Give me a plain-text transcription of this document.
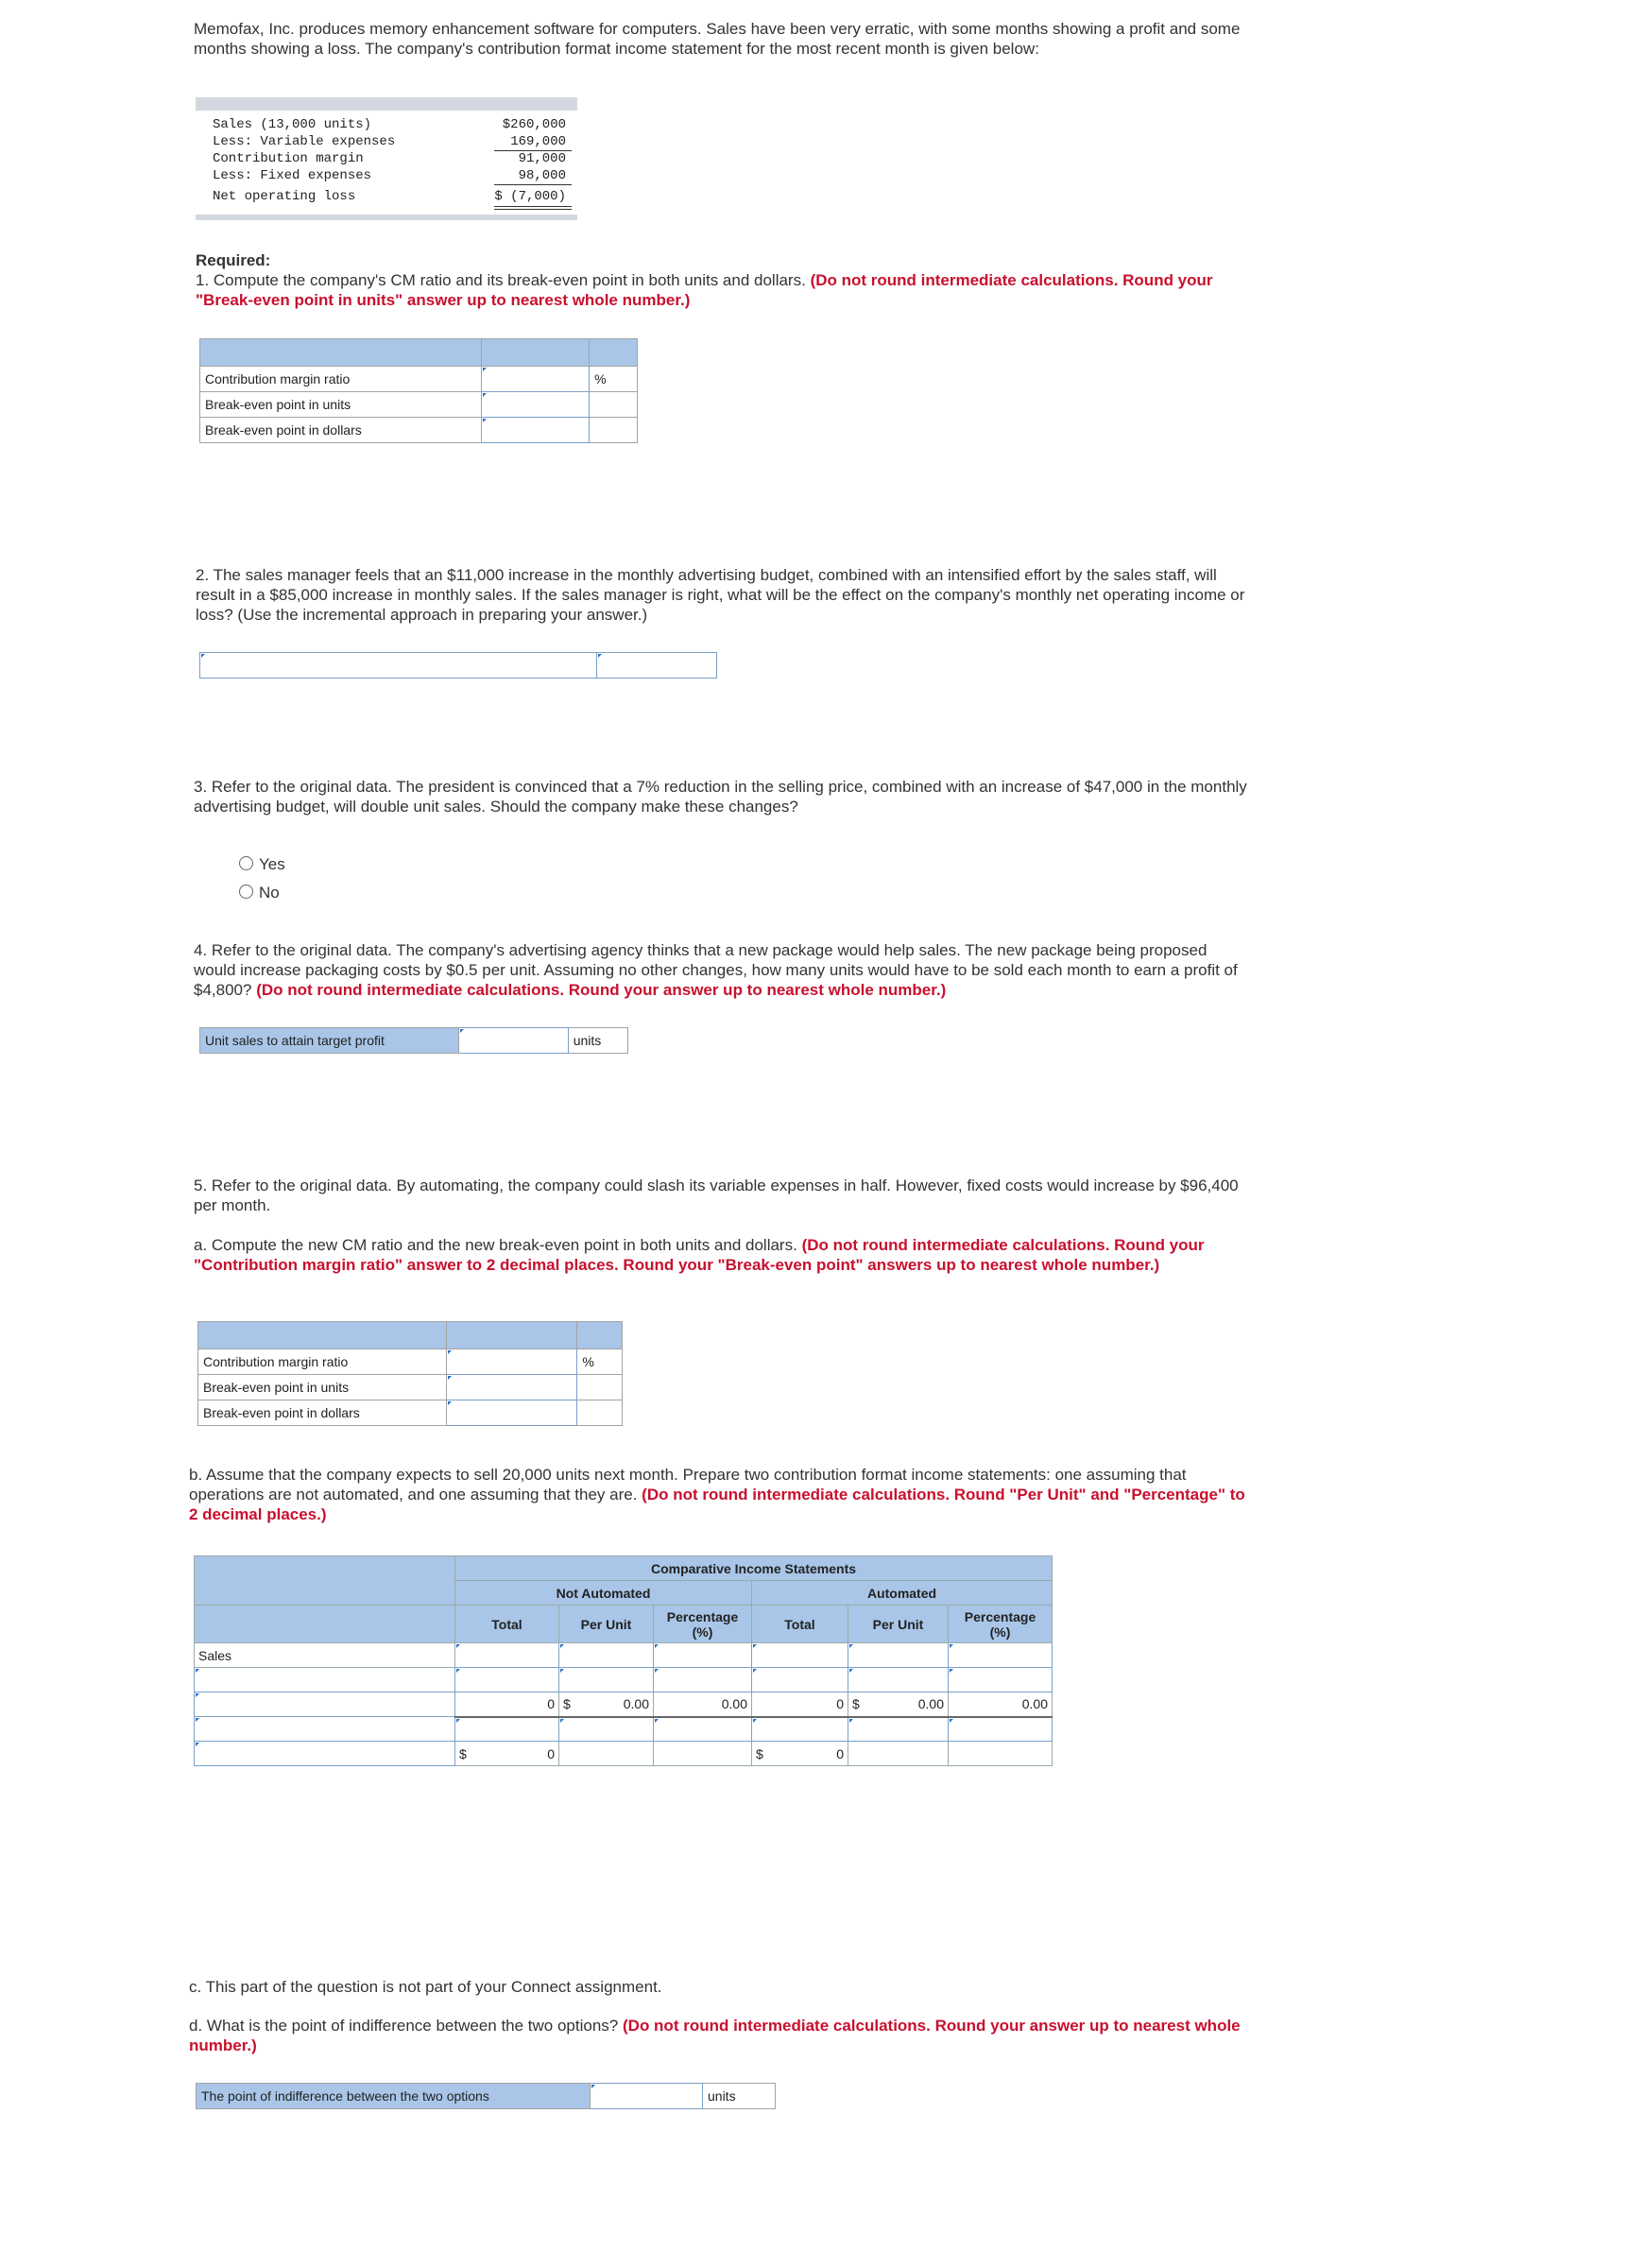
Memofax, Inc. produces memory enhancement software for computers. Sales have been very erratic, with some months showing a profit and some months showing a loss. The company's contribution format income statement for the most recent month is given below:
Sales (13,000 units)	$260,000
Less: Variable expenses	169,000
Contribution margin	91,000
Less: Fixed expenses	98,000
Net operating loss	$ (7,000)
Required:
1. Compute the company's CM ratio and its break-even point in both units and dollars. (Do not round intermediate calculations. Round your "Break-even point in units" answer up to nearest whole number.)

Contribution margin ratio		%
Break-even point in units		
Break-even point in dollars		
2. The sales manager feels that an $11,000 increase in the monthly advertising budget, combined with an intensified effort by the sales staff, will result in a $85,000 increase in monthly sales. If the sales manager is right, what will be the effect on the company's monthly net operating income or loss? (Use the incremental approach in preparing your answer.)

3. Refer to the original data. The president is convinced that a 7% reduction in the selling price, combined with an increase of $47,000 in the monthly advertising budget, will double unit sales. Should the company make these changes?
Yes
No
4. Refer to the original data. The company's advertising agency thinks that a new package would help sales. The new package being proposed would increase packaging costs by $0.5 per unit. Assuming no other changes, how many units would have to be sold each month to earn a profit of $4,800? (Do not round intermediate calculations. Round your answer up to nearest whole number.)
Unit sales to attain target profit		units
5. Refer to the original data. By automating, the company could slash its variable expenses in half. However, fixed costs would increase by $96,400 per month.
a. Compute the new CM ratio and the new break-even point in both units and dollars. (Do not round intermediate calculations. Round your "Contribution margin ratio" answer to 2 decimal places. Round your "Break-even point" answers up to nearest whole number.)

Contribution margin ratio		%
Break-even point in units		
Break-even point in dollars		
b. Assume that the company expects to sell 20,000 units next month. Prepare two contribution format income statements: one assuming that operations are not automated, and one assuming that they are. (Do not round intermediate calculations. Round "Per Unit" and "Percentage" to 2 decimal places.)
	Comparative Income Statements					
	Not Automated			Automated		
	Total	Per Unit	Percentage (%)	Total	Per Unit	Percentage (%)
Sales						

	0	$ 0.00	0.00	0	$ 0.00	0.00

	$ 0			$ 0		

c. This part of the question is not part of your Connect assignment.
d. What is the point of indifference between the two options? (Do not round intermediate calculations. Round your answer up to nearest whole number.)
The point of indifference between the two options		units
